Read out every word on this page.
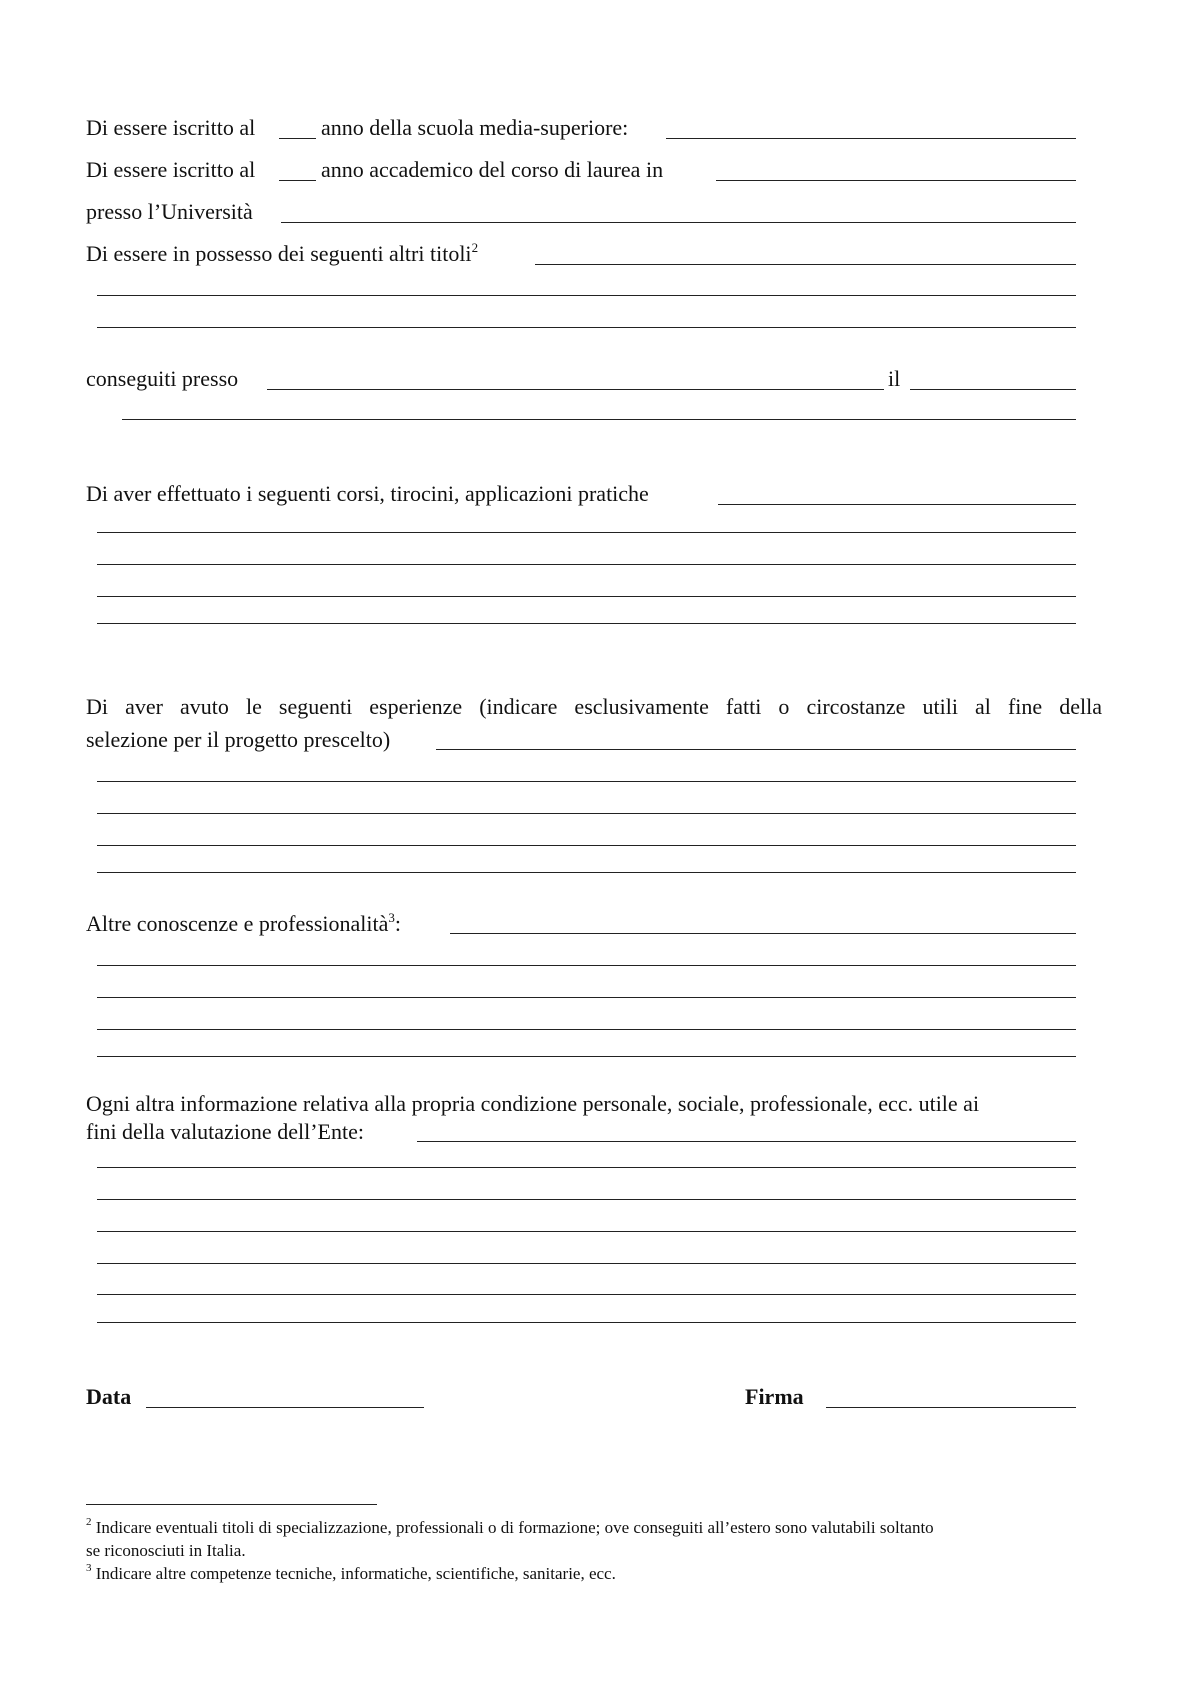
Di essere iscritto al	anno della scuola media-superiore:
Di essere iscritto al	anno accademico del corso di laurea in
presso l’Università
Di essere in possesso dei seguenti altri titoli$^2$
conseguiti presso	il
Di aver effettuato i seguenti corsi, tirocini, applicazioni pratiche
Di aver avuto le seguenti esperienze (indicare esclusivamente fatti o circostanze utili al fine della
selezione per il progetto prescelto)
Altre conoscenze e professionalità$^3$:
Ogni altra informazione relativa alla propria condizione personale, sociale, professionale, ecc. utile ai
fini della valutazione dell’Ente:
Data	Firma
$^2$ Indicare eventuali titoli di specializzazione, professionali o di formazione; ove conseguiti all’estero sono valutabili soltanto
se riconosciuti in Italia.
$^3$ Indicare altre competenze tecniche, informatiche, scientifiche, sanitarie, ecc.
